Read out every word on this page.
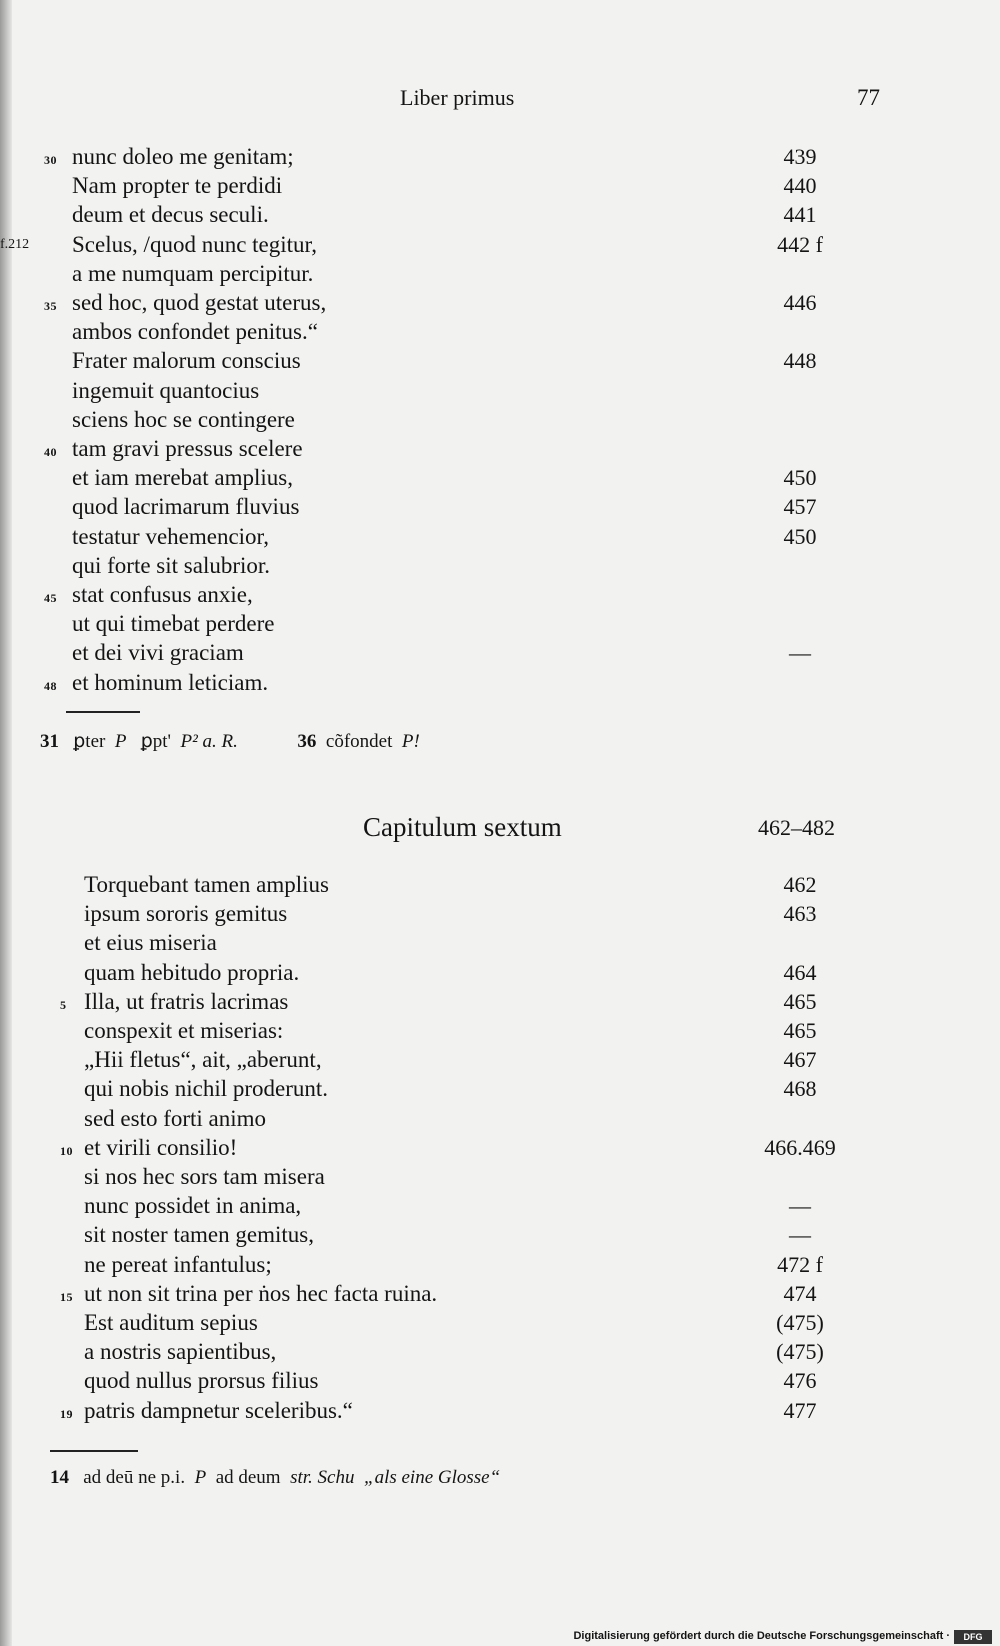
Liber primus	77
30 nunc doleo me genitam;	439
Nam propter te perdidi	440
deum et decus seculi.	441
f.212 Scelus, /quod nunc tegitur,	442 f
a me numquam percipitur.
35 sed hoc, quod gestat uterus,	446
ambos confondet penitus.“
Frater malorum conscius	448
ingemuit quantocius
sciens hoc se contingere
40 tam gravi pressus scelere
et iam merebat amplius,	450
quod lacrimarum fluvius	457
testatur vehemencior,	450
qui forte sit salubrior.
45 stat confusus anxie,
ut qui timebat perdere
et dei vivi graciam	—
48 et hominum leticiam.
31 ꝑter P ꝑpt' P² a. R.	36 cõfondet P!
Capitulum sextum	462–482
Torquebant tamen amplius	462
ipsum sororis gemitus	463
et eius miseria
quam hebitudo propria.	464
5 Illa, ut fratris lacrimas	465
conspexit et miserias:	465
„Hii fletus“, ait, „aberunt,	467
qui nobis nichil proderunt.	468
sed esto forti animo
10 et virili consilio!	466.469
si nos hec sors tam misera
nunc possidet in anima,	—
sit noster tamen gemitus,	—
ne pereat infantulus;	472 f
15 ut non sit trina per ṅos hec facta ruina.	474
Est auditum sepius	(475)
a nostris sapientibus,	(475)
quod nullus prorsus filius	476
19 patris dampnetur sceleribus.“	477
14 ad deū ne p.i. P ad deum str. Schu „als eine Glosse“
Digitalisierung gefördert durch die Deutsche Forschungsgemeinschaft ·	DFG
